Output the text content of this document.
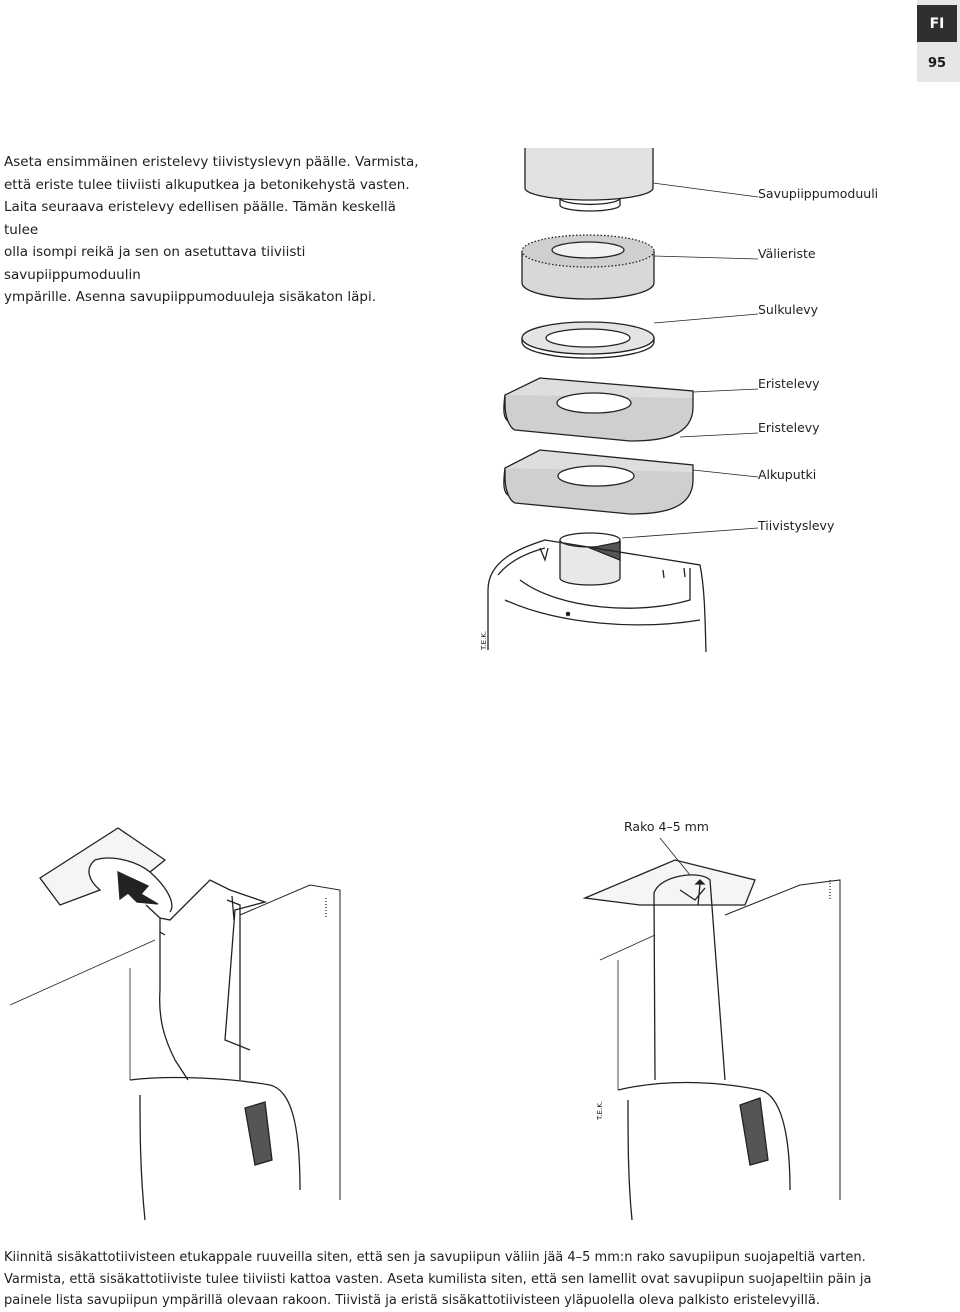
FI
95

Aseta ensimmäinen eristelevy tiivistyslevyn päälle. Varmista,

että eriste tulee tiiviisti alkuputkea ja betonikehystä vasten.

Laita seuraava eristelevy edellisen päälle. Tämän keskellä tulee

olla isompi reikä ja sen on asetuttava tiiviisti savupiippumoduulin

ympärille. Asenna savupiippumoduuleja sisäkaton läpi.

Savupiippumoduuli
Välieriste
Sulkulevy
Eristelevy
Eristelevy
Alkuputki
Tiivistyslevy
T.E.K.
Rako 4–5 mm
T.E.K.

Kiinnitä sisäkattotiivisteen etukappale ruuveilla siten, että sen ja savupiipun väliin jää 4–5 mm:n rako savupiipun suojapeltiä varten.

Varmista, että sisäkattotiiviste tulee tiiviisti kattoa vasten. Aseta kumilista siten, että sen lamellit ovat savupiipun suojapeltiin päin ja

painele lista savupiipun ympärillä olevaan rakoon. Tiivistä ja eristä sisäkattotiivisteen yläpuolella oleva palkisto eristelevyillä.
